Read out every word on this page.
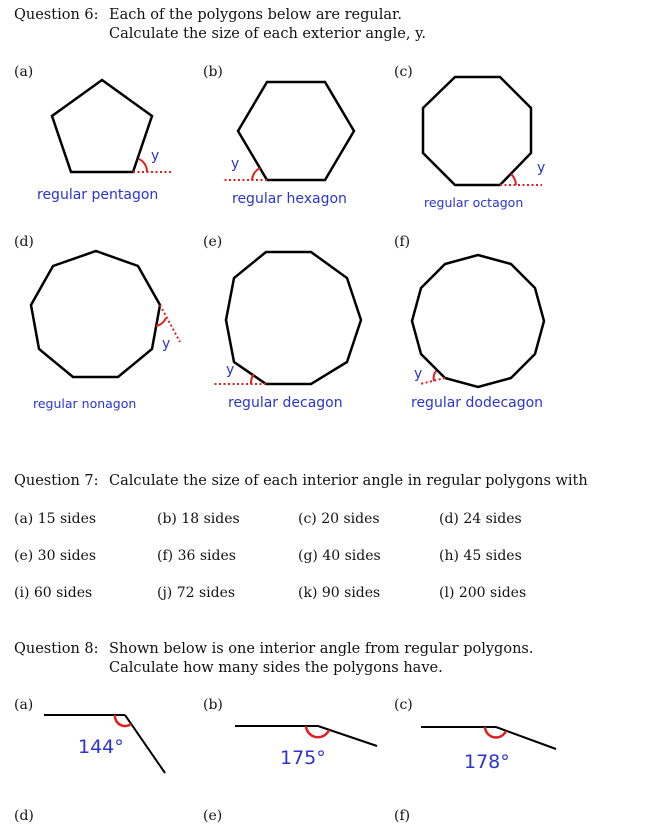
Question 6: Each of the polygons below are regular.
Calculate the size of each exterior angle, y.
(a)	(b)	(c)
(d)	(e)	(f)
y	y	y
y
y	y
regular pentagon	regular hexagon	regular octagon
regular nonagon	regular decagon	regular dodecagon
Question 7: Calculate the size of each interior angle in regular polygons with
(a) 15 sides	(b) 18 sides	(c) 20 sides	(d) 24 sides
(e) 30 sides	(f) 36 sides	(g) 40 sides	(h) 45 sides
(i) 60 sides	(j) 72 sides	(k) 90 sides	(l) 200 sides
Question 8: Shown below is one interior angle from regular polygons.
Calculate how many sides the polygons have.
(a)	(b)	(c)
144°	175°	178°
(d)	(e)	(f)
